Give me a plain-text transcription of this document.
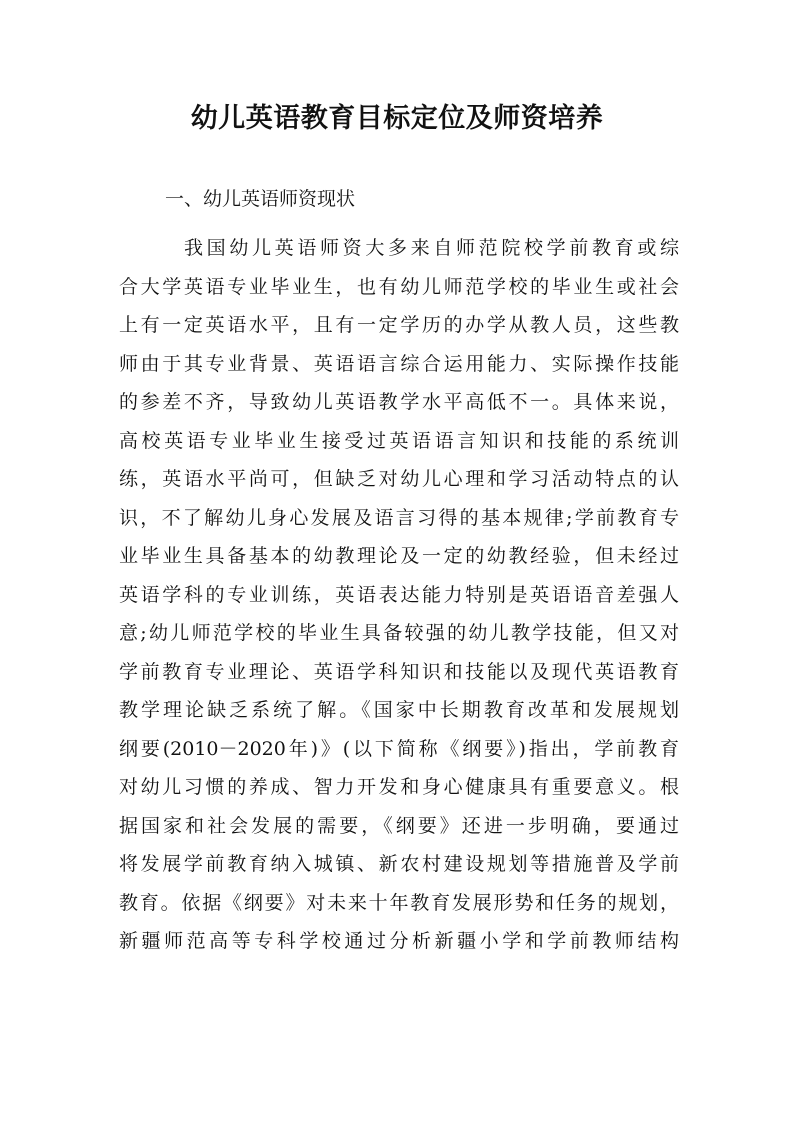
幼儿英语教育目标定位及师资培养
一、幼儿英语师资现状
我国幼儿英语师资大多来自师范院校学前教育或综
合大学英语专业毕业生，也有幼儿师范学校的毕业生或社会
上有一定英语水平，且有一定学历的办学从教人员，这些教
师由于其专业背景、英语语言综合运用能力、实际操作技能
的参差不齐，导致幼儿英语教学水平高低不一。具体来说，
高校英语专业毕业生接受过英语语言知识和技能的系统训
练，英语水平尚可，但缺乏对幼儿心理和学习活动特点的认
识，不了解幼儿身心发展及语言习得的基本规律;学前教育专
业毕业生具备基本的幼教理论及一定的幼教经验，但未经过
英语学科的专业训练，英语表达能力特别是英语语音差强人
意;幼儿师范学校的毕业生具备较强的幼儿教学技能，但又对
学前教育专业理论、英语学科知识和技能以及现代英语教育
教学理论缺乏系统了解。《国家中长期教育改革和发展规划
纲要(2010－2020年)》(以下简称《纲要》)指出，学前教育
对幼儿习惯的养成、智力开发和身心健康具有重要意义。根
据国家和社会发展的需要，《纲要》还进一步明确，要通过
将发展学前教育纳入城镇、新农村建设规划等措施普及学前
教育。依据《纲要》对未来十年教育发展形势和任务的规划，
新疆师范高等专科学校通过分析新疆小学和学前教师结构
